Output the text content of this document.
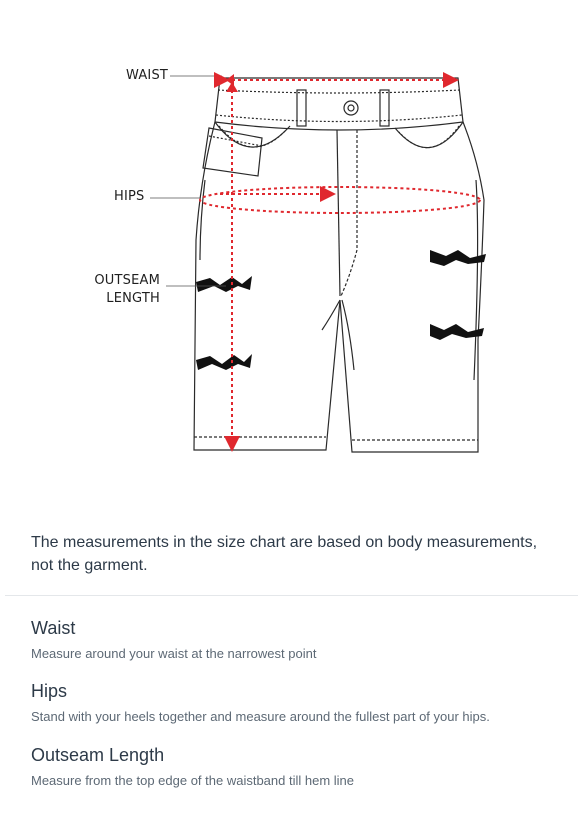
WAIST
HIPS
OUTSEAM
LENGTH
The measurements in the size chart are based on body measurements, not the garment.
Waist
Measure around your waist at the narrowest point
Hips
Stand with your heels together and measure around the fullest part of your hips.
Outseam Length
Measure from the top edge of the waistband till hem line
